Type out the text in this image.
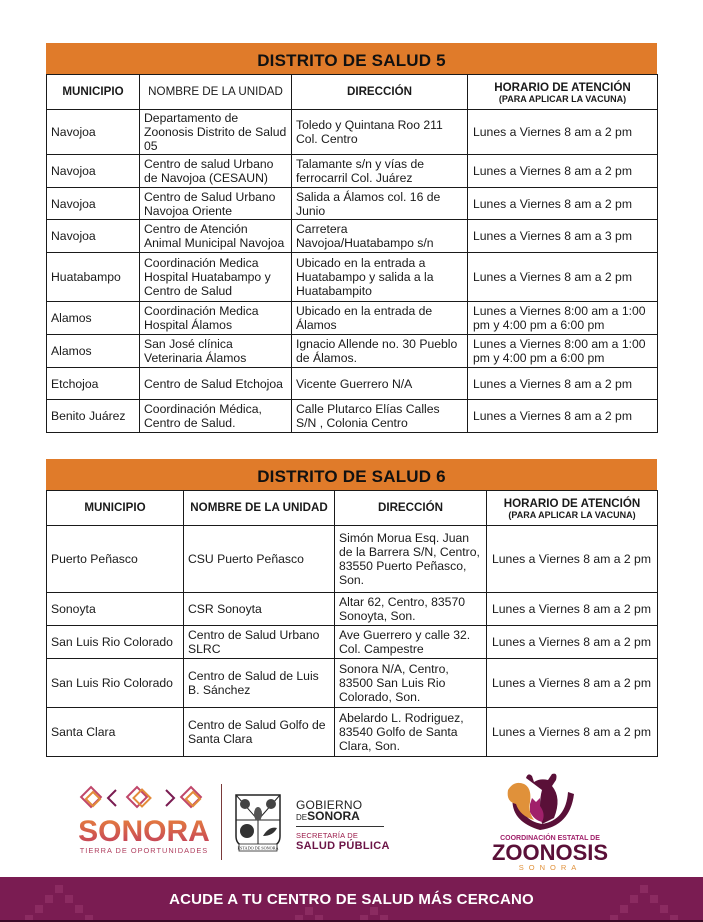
DISTRITO DE SALUD 5
MUNICIPIO	NOMBRE DE LA UNIDAD	DIRECCIÓN	HORARIO DE ATENCIÓN
(PARA APLICAR LA VACUNA)

Navojoa	Departamento de Zoonosis Distrito de Salud 05	Toledo y Quintana Roo 211 Col. Centro	Lunes a Viernes 8 am a 2 pm
Navojoa	Centro de salud Urbano de Navojoa (CESAUN)	Talamante s/n y vías de ferrocarril Col. Juárez	Lunes a Viernes 8 am a 2 pm
Navojoa	Centro de Salud Urbano Navojoa Oriente	Salida a Álamos col. 16 de Junio	Lunes a Viernes 8 am a 2 pm
Navojoa	Centro de Atención Animal Municipal Navojoa	Carretera Navojoa/Huatabampo s/n	Lunes a Viernes 8 am a 3 pm
Huatabampo	Coordinación Medica Hospital Huatabampo y Centro de Salud	Ubicado en la entrada a Huatabampo y salida a la Huatabampito	Lunes a Viernes 8 am a 2 pm
Alamos	Coordinación Medica Hospital Álamos	Ubicado en la entrada de Álamos	Lunes a Viernes 8:00 am a 1:00 pm y 4:00 pm a 6:00 pm
Alamos	San José clínica Veterinaria Álamos	Ignacio Allende no. 30 Pueblo de Álamos.	Lunes a Viernes 8:00 am a 1:00 pm y 4:00 pm a 6:00 pm
Etchojoa	Centro de Salud Etchojoa	Vicente Guerrero N/A	Lunes a Viernes 8 am a 2 pm
Benito Juárez	Coordinación Médica, Centro de Salud.	Calle Plutarco Elías Calles S/N , Colonia Centro	Lunes a Viernes 8 am a 2 pm
DISTRITO DE SALUD 6
MUNICIPIO	NOMBRE DE LA UNIDAD	DIRECCIÓN	HORARIO DE ATENCIÓN
(PARA APLICAR LA VACUNA)

Puerto Peñasco	CSU Puerto Peñasco	Simón Morua Esq. Juan de la Barrera S/N, Centro, 83550 Puerto Peñasco, Son.	Lunes a Viernes 8 am a 2 pm
Sonoyta	CSR Sonoyta	Altar 62, Centro, 83570 Sonoyta, Son.	Lunes a Viernes 8 am a 2 pm
San Luis Rio Colorado	Centro de Salud Urbano SLRC	Ave Guerrero y calle 32. Col. Campestre	Lunes a Viernes 8 am a 2 pm
San Luis Rio Colorado	Centro de Salud de Luis B. Sánchez	Sonora N/A, Centro, 83500 San Luis Rio Colorado, Son.	Lunes a Viernes 8 am a 2 pm
Santa Clara	Centro de Salud Golfo de Santa Clara	Abelardo L. Rodriguez, 83540 Golfo de Santa Clara, Son.	Lunes a Viernes 8 am a 2 pm
SONORA
TIERRA DE OPORTUNIDADES	ESTADO DE SONORA
GOBIERNO
DESONORA
SECRETARÍA DE
SALUD PÚBLICA
COORDINACIÓN ESTATAL DE
ZOONOSIS
SONORA
ACUDE A TU CENTRO DE SALUD MÁS CERCANO
